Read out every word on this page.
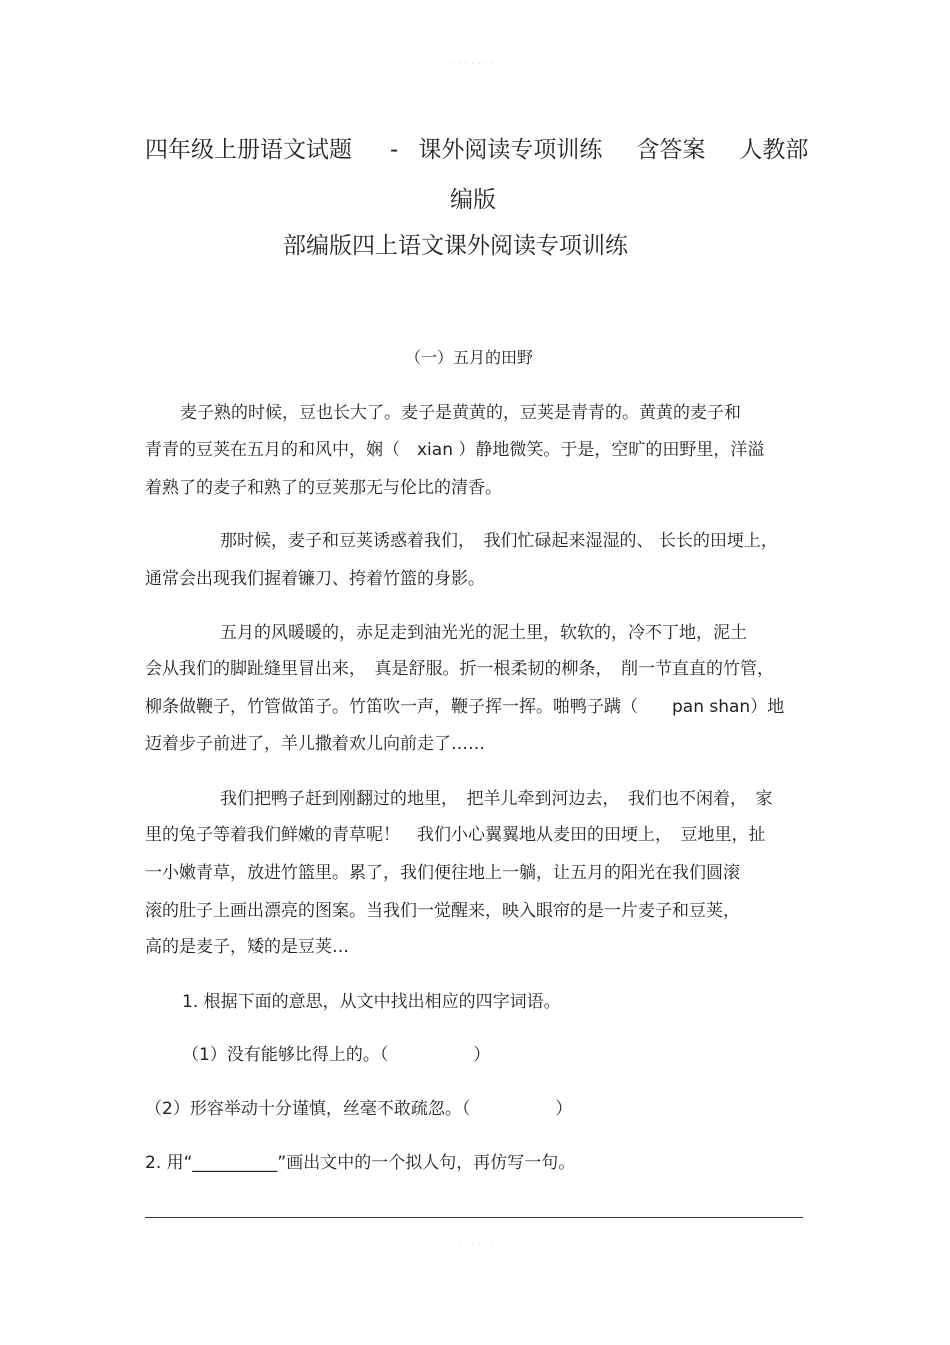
· · · · · · ·
四年级上册语文试题 - 课外阅读专项训练 含答案 人教部
编版
部编版四上语文课外阅读专项训练
（一）五月的田野
麦子熟的时候，豆也长大了。麦子是黄黄的，豆荚是青青的。黄黄的麦子和
青青的豆荚在五月的和风中，娴（　xian ）静地微笑。于是，空旷的田野里，洋溢
着熟了的麦子和熟了的豆荚那无与伦比的清香。
那时候，麦子和豆荚诱惑着我们，　我们忙碌起来湿湿的、 长长的田埂上，
通常会出现我们握着镰刀、挎着竹篮的身影。
五月的风暖暖的，赤足走到油光光的泥土里，软软的，冷不丁地，泥土
会从我们的脚趾缝里冒出来，　真是舒服。折一根柔韧的柳条，　削一节直直的竹管，
柳条做鞭子，竹管做笛子。竹笛吹一声，鞭子挥一挥。啪鸭子蹒（　　pan shan）地
迈着步子前进了，羊儿撒着欢儿向前走了……
我们把鸭子赶到刚翻过的地里，　把羊儿牵到河边去，　我们也不闲着，　家
里的兔子等着我们鲜嫩的青草呢！　我们小心翼翼地从麦田的田埂上，　豆地里，扯
一小嫩青草，放进竹篮里。累了，我们便往地上一躺，让五月的阳光在我们圆滚
滚的肚子上画出漂亮的图案。当我们一觉醒来，映入眼帘的是一片麦子和豆荚，
高的是麦子，矮的是豆荚…
1. 根据下面的意思，从文中找出相应的四字词语。
（1）没有能够比得上的。（　　　　　）
（2）形容举动十分谨慎，丝毫不敢疏忽。（　　　　　）
2. 用“__________”画出文中的一个拟人句，再仿写一句。
· · · · · · ·
